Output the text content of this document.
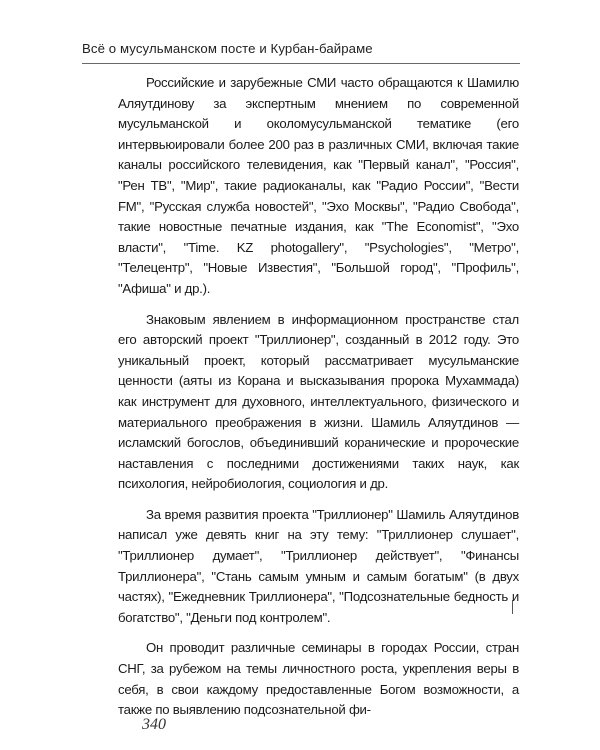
Всё о мусульманском посте и Курбан-байраме

Российские и зарубежные СМИ часто обращаются к Шамилю Аляутдинову за экспертным мнением по современной мусульманской и околомусульманской тематике (его интервьюировали более 200 раз в различных СМИ, включая такие каналы российского телевидения, как "Первый канал", "Россия", "Рен ТВ", "Мир", такие радиоканалы, как "Радио России", "Вести FM", "Русская служба новостей", "Эхо Москвы", "Радио Свобода", такие новостные печатные издания, как "The Economist", "Эхо власти", "Time. KZ photogallery", "Psychologies", "Метро", "Телецентр", "Новые Известия", "Большой город", "Профиль", "Афиша" и др.).

Знаковым явлением в информационном пространстве стал его авторский проект "Триллионер", созданный в 2012 году. Это уникальный проект, который рассматривает мусульманские ценности (аяты из Корана и высказывания пророка Мухаммада) как инструмент для духовного, интеллектуального, физического и материального преображения в жизни. Шамиль Аляутдинов — исламский богослов, объединивший коранические и пророческие наставления с последними достижениями таких наук, как психология, нейробиология, социология и др.

За время развития проекта "Триллионер" Шамиль Аляутдинов написал уже девять книг на эту тему: "Триллионер слушает", "Триллионер думает", "Триллионер действует", "Финансы Триллионера", "Стань самым умным и самым богатым" (в двух частях), "Ежедневник Триллионера", "Подсознательные бедность и богатство", "Деньги под контролем".

Он проводит различные семинары в городах России, стран СНГ, за рубежом на темы личностного роста, укрепления веры в себя, в свои каждому предоставленные Богом возможности, а также по выявлению подсознательной фи-

340
